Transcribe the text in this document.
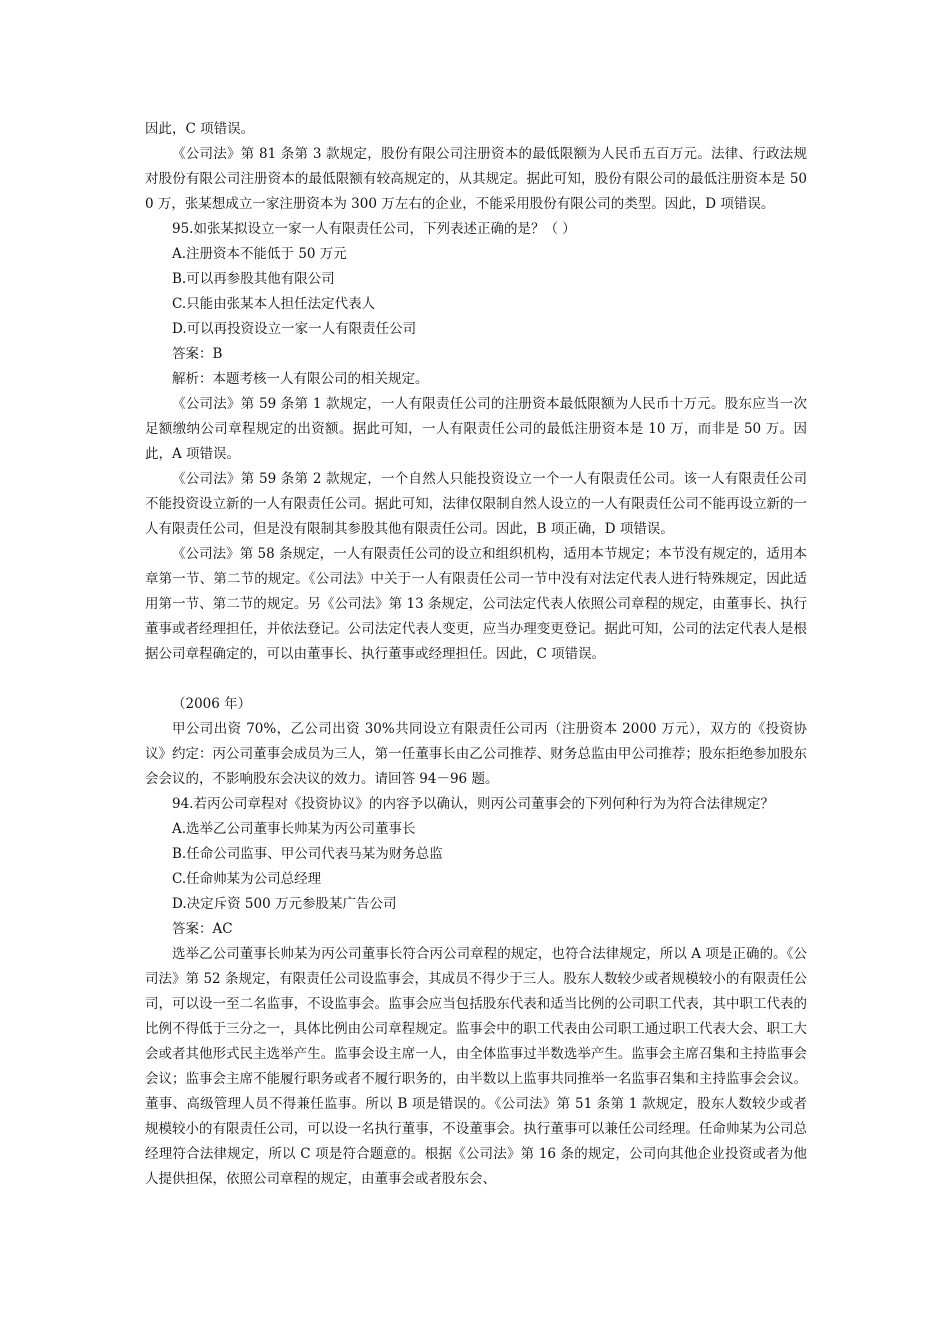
因此，C 项错误。

《公司法》第 81 条第 3 款规定，股份有限公司注册资本的最低限额为人民币五百万元。法律、行政法规对股份有限公司注册资本的最低限额有较高规定的，从其规定。据此可知，股份有限公司的最低注册资本是 500 万，张某想成立一家注册资本为 300 万左右的企业，不能采用股份有限公司的类型。因此，D 项错误。

95.如张某拟设立一家一人有限责任公司，下列表述正确的是？（ ）

A.注册资本不能低于 50 万元

B.可以再参股其他有限公司

C.只能由张某本人担任法定代表人

D.可以再投资设立一家一人有限责任公司

答案：B

解析：本题考核一人有限公司的相关规定。

《公司法》第 59 条第 1 款规定，一人有限责任公司的注册资本最低限额为人民币十万元。股东应当一次足额缴纳公司章程规定的出资额。据此可知，一人有限责任公司的最低注册资本是 10 万，而非是 50 万。因此，A 项错误。

《公司法》第 59 条第 2 款规定，一个自然人只能投资设立一个一人有限责任公司。该一人有限责任公司不能投资设立新的一人有限责任公司。据此可知，法律仅限制自然人设立的一人有限责任公司不能再设立新的一人有限责任公司，但是没有限制其参股其他有限责任公司。因此，B 项正确，D 项错误。

《公司法》第 58 条规定，一人有限责任公司的设立和组织机构，适用本节规定；本节没有规定的，适用本章第一节、第二节的规定。《公司法》中关于一人有限责任公司一节中没有对法定代表人进行特殊规定，因此适用第一节、第二节的规定。另《公司法》第 13 条规定，公司法定代表人依照公司章程的规定，由董事长、执行董事或者经理担任，并依法登记。公司法定代表人变更，应当办理变更登记。据此可知，公司的法定代表人是根据公司章程确定的，可以由董事长、执行董事或经理担任。因此，C 项错误。

（2006 年）

甲公司出资 70%，乙公司出资 30%共同设立有限责任公司丙（注册资本 2000 万元），双方的《投资协议》约定：丙公司董事会成员为三人，第一任董事长由乙公司推荐、财务总监由甲公司推荐；股东拒绝参加股东会会议的，不影响股东会决议的效力。请回答 94－96 题。

94.若丙公司章程对《投资协议》的内容予以确认，则丙公司董事会的下列何种行为为符合法律规定？

A.选举乙公司董事长帅某为丙公司董事长

B.任命公司监事、甲公司代表马某为财务总监

C.任命帅某为公司总经理

D.决定斥资 500 万元参股某广告公司

答案：AC

选举乙公司董事长帅某为丙公司董事长符合丙公司章程的规定，也符合法律规定，所以 A 项是正确的。《公司法》第 52 条规定，有限责任公司设监事会，其成员不得少于三人。股东人数较少或者规模较小的有限责任公司，可以设一至二名监事，不设监事会。监事会应当包括股东代表和适当比例的公司职工代表，其中职工代表的比例不得低于三分之一，具体比例由公司章程规定。监事会中的职工代表由公司职工通过职工代表大会、职工大会或者其他形式民主选举产生。监事会设主席一人，由全体监事过半数选举产生。监事会主席召集和主持监事会会议；监事会主席不能履行职务或者不履行职务的，由半数以上监事共同推举一名监事召集和主持监事会会议。董事、高级管理人员不得兼任监事。所以 B 项是错误的。《公司法》第 51 条第 1 款规定，股东人数较少或者规模较小的有限责任公司，可以设一名执行董事，不设董事会。执行董事可以兼任公司经理。任命帅某为公司总经理符合法律规定，所以 C 项是符合题意的。根据《公司法》第 16 条的规定，公司向其他企业投资或者为他人提供担保，依照公司章程的规定，由董事会或者股东会、
